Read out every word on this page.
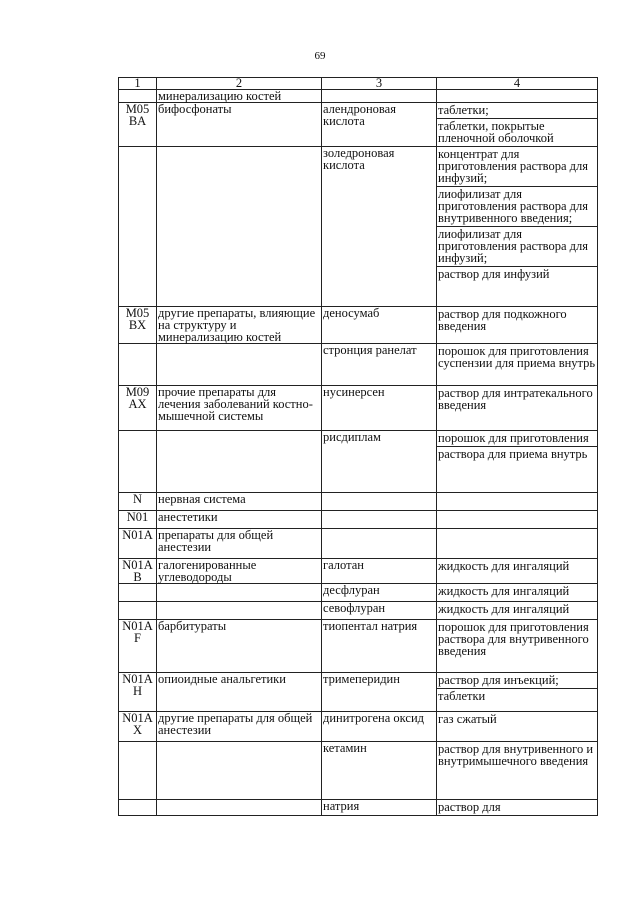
69
1	2	3	4
	минерализацию костей		
M05 BA	бифосфонаты	алендроновая кислота	таблетки;
таблетки, покрытые пленочной оболочкой

		золедроновая кислота	концентрат для приготовления раствора для инфузий;
лиофилизат для приготовления раствора для внутривенного введения;
лиофилизат для приготовления раствора для инфузий;
раствор для инфузий

M05 BX	другие препараты, влияющие на структуру и минерализацию костей	деносумаб	раствор для подкожного введения

		стронция ранелат	порошок для приготовления суспензии для приема внутрь

M09 AX	прочие препараты для лечения заболеваний костно-мышечной системы	нусинерсен	раствор для интратекального введения

		рисдиплам	порошок для приготовления
раствора для приема внутрь

N	нервная система		
N01	анестетики		
N01A	препараты для общей анестезии		
N01A B	галогенированные углеводороды	галотан	жидкость для ингаляций

		десфлуран	жидкость для ингаляций

		севофлуран	жидкость для ингаляций

N01A F	барбитураты	тиопентал натрия	порошок для приготовления раствора для внутривенного введения

N01A H	опиоидные анальгетики	тримеперидин	раствор для инъекций;
таблетки

N01A X	другие препараты для общей анестезии	динитрогена оксид	газ сжатый

		кетамин	раствор для внутривенного и внутримышечного введения

		натрия	раствор для
